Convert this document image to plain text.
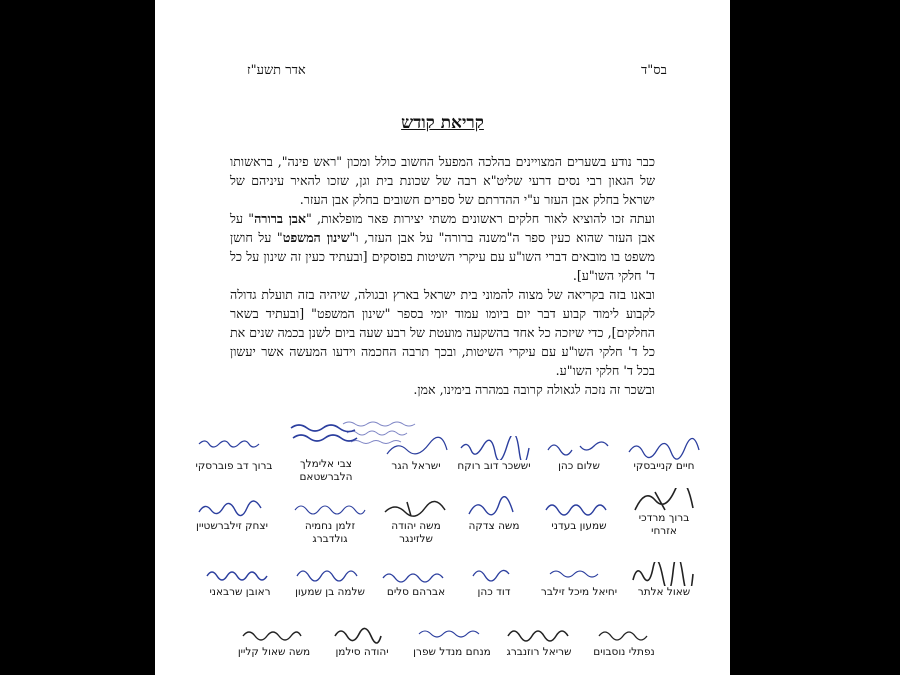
בס"ד
אדר תשע"ז
קריאת קודש

כבר נודע בשערים המצויינים בהלכה המפעל החשוב כולל ומכון "ראש פינה", בראשותו של הגאון רבי נסים דרעי שליט"א רבה של שכונת בית וגן, שזכו להאיר עיניהם של ישראל בחלק אבן העזר ע"י ההדרתם של ספרים חשובים בחלק אבן העזר.

ועתה זכו להוציא לאור חלקים ראשונים משתי יצירות פאר מופלאות, "אבן ברורה" על אבן העזר שהוא כעין ספר ה"משנה ברורה" על אבן העזר, ו"שינון המשפט" על חושן משפט בו מובאים דברי השו"ע עם עיקרי השיטות בפוסקים [ובעתיד כעין זה שינון על כל ד' חלקי השו"ע].

ובאנו בזה בקריאה של מצוה להמוני בית ישראל בארץ ובגולה, שיהיה בזה תועלת גדולה לקבוע לימוד קבוע דבר יום ביומו עמוד יומי בספר "שינון המשפט" [ובעתיד בשאר החלקים], כדי שיזכה כל אחד בהשקעה מועטת של רבע שעה ביום לשנן בכמה שנים את כל ד' חלקי השו"ע עם עיקרי השיטות, ובכך תרבה החכמה וידעו המעשה אשר יעשון בכל ד' חלקי השו"ע.

ובשכר זה נזכה לגאולה קרובה במהרה בימינו, אמן.

חיים קנייבסקי
שלום כהן
יששכר דוב רוקח
ישראל הגר
צבי אלימלך הלברשטאם
ברוך דב פוברסקי
ברוך מרדכי אזרחי
שמעון בעדני
משה צדקה
משה יהודה שלזינגר
זלמן נחמיה גולדברג
יצחק זילברשטיין
שאול אלתר
יחיאל מיכל זילבר
דוד כהן
אברהם סלים
שלמה בן שמעון
ראובן שרבאני
נפתלי נוסבוים
שריאל רוזנברג
מנחם מנדל שפרן
יהודה סילמן
משה שאול קליין
